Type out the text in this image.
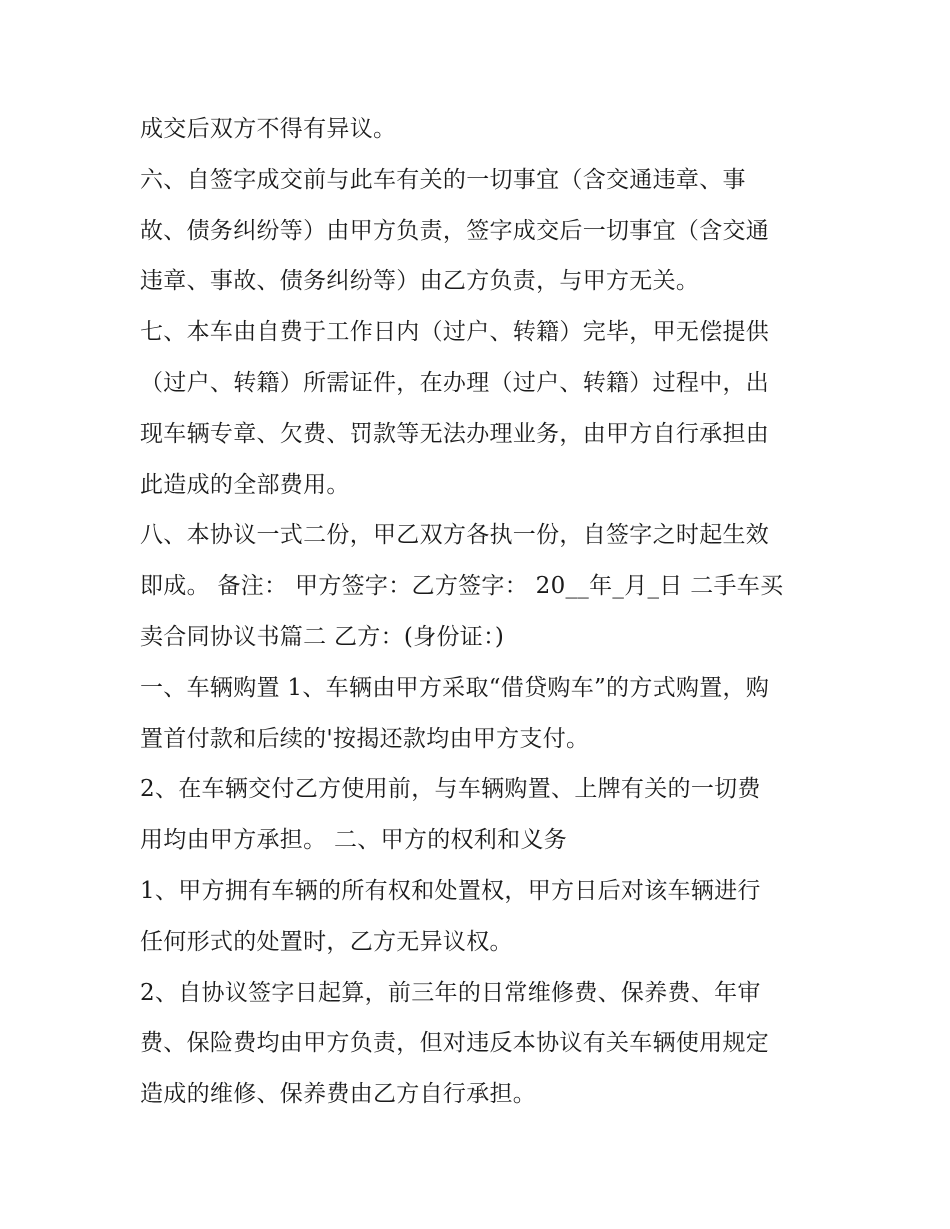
成交后双方不得有异议。
六、自签字成交前与此车有关的一切事宜（含交通违章、事
故、债务纠纷等）由甲方负责，签字成交后一切事宜（含交通
违章、事故、债务纠纷等）由乙方负责，与甲方无关。
七、本车由自费于工作日内（过户、转籍）完毕，甲无偿提供
（过户、转籍）所需证件，在办理（过户、转籍）过程中，出
现车辆专章、欠费、罚款等无法办理业务，由甲方自行承担由
此造成的全部费用。
八、本协议一式二份，甲乙双方各执一份，自签字之时起生效
即成。 备注： 甲方签字：乙方签字： 20__年_月_日 二手车买
卖合同协议书篇二 乙方：(身份证：)
一、车辆购置 1、车辆由甲方采取“借贷购车”的方式购置，购
置首付款和后续的'按揭还款均由甲方支付。
2、在车辆交付乙方使用前，与车辆购置、上牌有关的一切费
用均由甲方承担。 二、甲方的权利和义务
1、甲方拥有车辆的所有权和处置权，甲方日后对该车辆进行
任何形式的处置时，乙方无异议权。
2、自协议签字日起算，前三年的日常维修费、保养费、年审
费、保险费均由甲方负责，但对违反本协议有关车辆使用规定
造成的维修、保养费由乙方自行承担。
